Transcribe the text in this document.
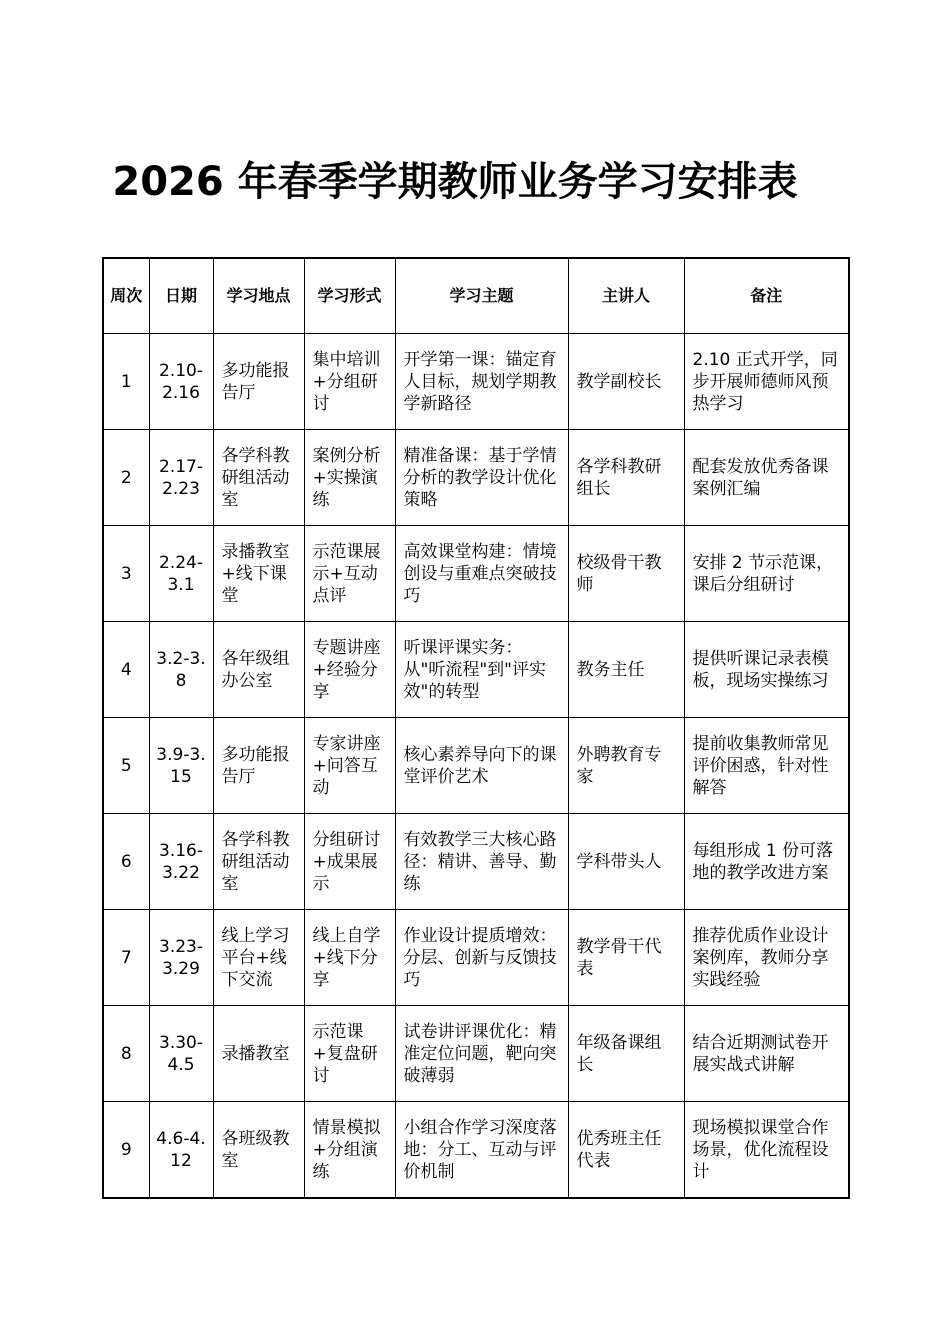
2026 年春季学期教师业务学习安排表
周次	日期	学习地点	学习形式	学习主题	主讲人	备注
1	2.10-2.16	多功能报告厅	集中培训+分组研讨	开学第一课：锚定育人目标，规划学期教学新路径	教学副校长	2.10 正式开学，同步开展师德师风预热学习
2	2.17-2.23	各学科教研组活动室	案例分析+实操演练	精准备课：基于学情分析的教学设计优化策略	各学科教研组长	配套发放优秀备课案例汇编
3	2.24-3.1	录播教室+线下课堂	示范课展示+互动点评	高效课堂构建：情境创设与重难点突破技巧	校级骨干教师	安排 2 节示范课，课后分组研讨
4	3.2-3.8	各年级组办公室	专题讲座+经验分享	听课评课实务：从"听流程"到"评实效"的转型	教务主任	提供听课记录表模板，现场实操练习
5	3.9-3.15	多功能报告厅	专家讲座+问答互动	核心素养导向下的课堂评价艺术	外聘教育专家	提前收集教师常见评价困惑，针对性解答
6	3.16-3.22	各学科教研组活动室	分组研讨+成果展示	有效教学三大核心路径：精讲、善导、勤练	学科带头人	每组形成 1 份可落地的教学改进方案
7	3.23-3.29	线上学习平台+线下交流	线上自学+线下分享	作业设计提质增效：分层、创新与反馈技巧	教学骨干代表	推荐优质作业设计案例库，教师分享实践经验
8	3.30-4.5	录播教室	示范课+复盘研讨	试卷讲评课优化：精准定位问题，靶向突破薄弱	年级备课组长	结合近期测试卷开展实战式讲解
9	4.6-4.12	各班级教室	情景模拟+分组演练	小组合作学习深度落地：分工、互动与评价机制	优秀班主任代表	现场模拟课堂合作场景，优化流程设计
